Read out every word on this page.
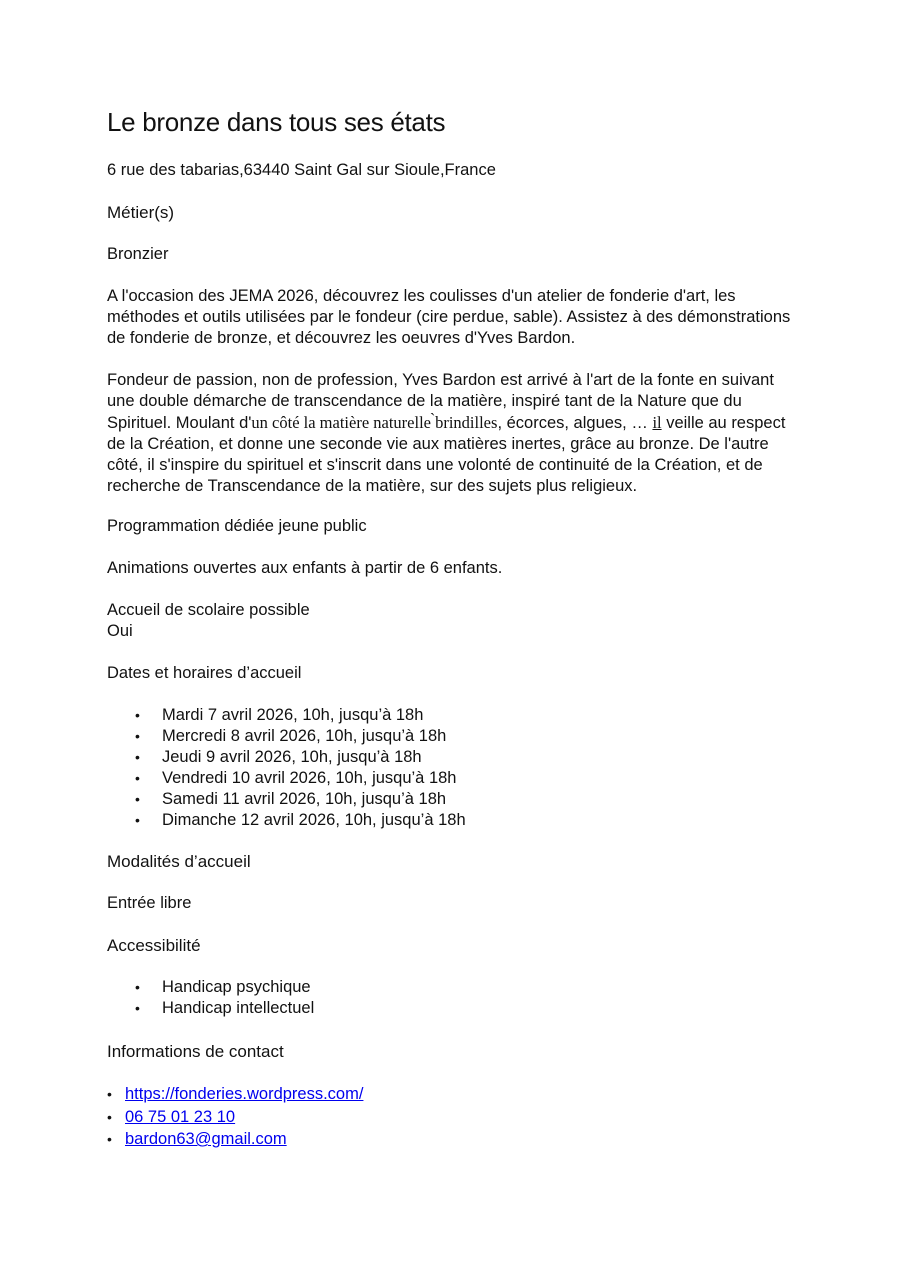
Le bronze dans tous ses états

6 rue des tabarias,63440 Saint Gal sur Sioule,France

Métier(s)

Bronzier

A l'occasion des JEMA 2026, découvrez les coulisses d'un atelier de fonderie d'art, les méthodes et outils utilisées par le fondeur (cire perdue, sable). Assistez à des démonstrations de fonderie de bronze, et découvrez les oeuvres d'Yves Bardon.

Fondeur de passion, non de profession, Yves Bardon est arrivé à l'art de la fonte en suivant une double démarche de transcendance de la matière, inspiré tant de la Nature que du Spirituel. Moulant d'un côté la matière naturelle ̀brindilles, écorces, algues, … il veille au respect de la Création, et donne une seconde vie aux matières inertes, grâce au bronze. De l'autre côté, il s'inspire du spirituel et s'inscrit dans une volonté de continuité de la Création, et de recherche de Transcendance de la matière, sur des sujets plus religieux.

Programmation dédiée jeune public

Animations ouvertes aux enfants à partir de 6 enfants.

Accueil de scolaire possible

Oui

Dates et horaires d’accueil

• Mardi 7 avril 2026, 10h, jusqu’à 18h
• Mercredi 8 avril 2026, 10h, jusqu’à 18h
• Jeudi 9 avril 2026, 10h, jusqu’à 18h
• Vendredi 10 avril 2026, 10h, jusqu’à 18h
• Samedi 11 avril 2026, 10h, jusqu’à 18h
• Dimanche 12 avril 2026, 10h, jusqu’à 18h

Modalités d’accueil

Entrée libre

Accessibilité

• Handicap psychique
• Handicap intellectuel

Informations de contact

• https://fonderies.wordpress.com/
• 06 75 01 23 10
• bardon63@gmail.com
